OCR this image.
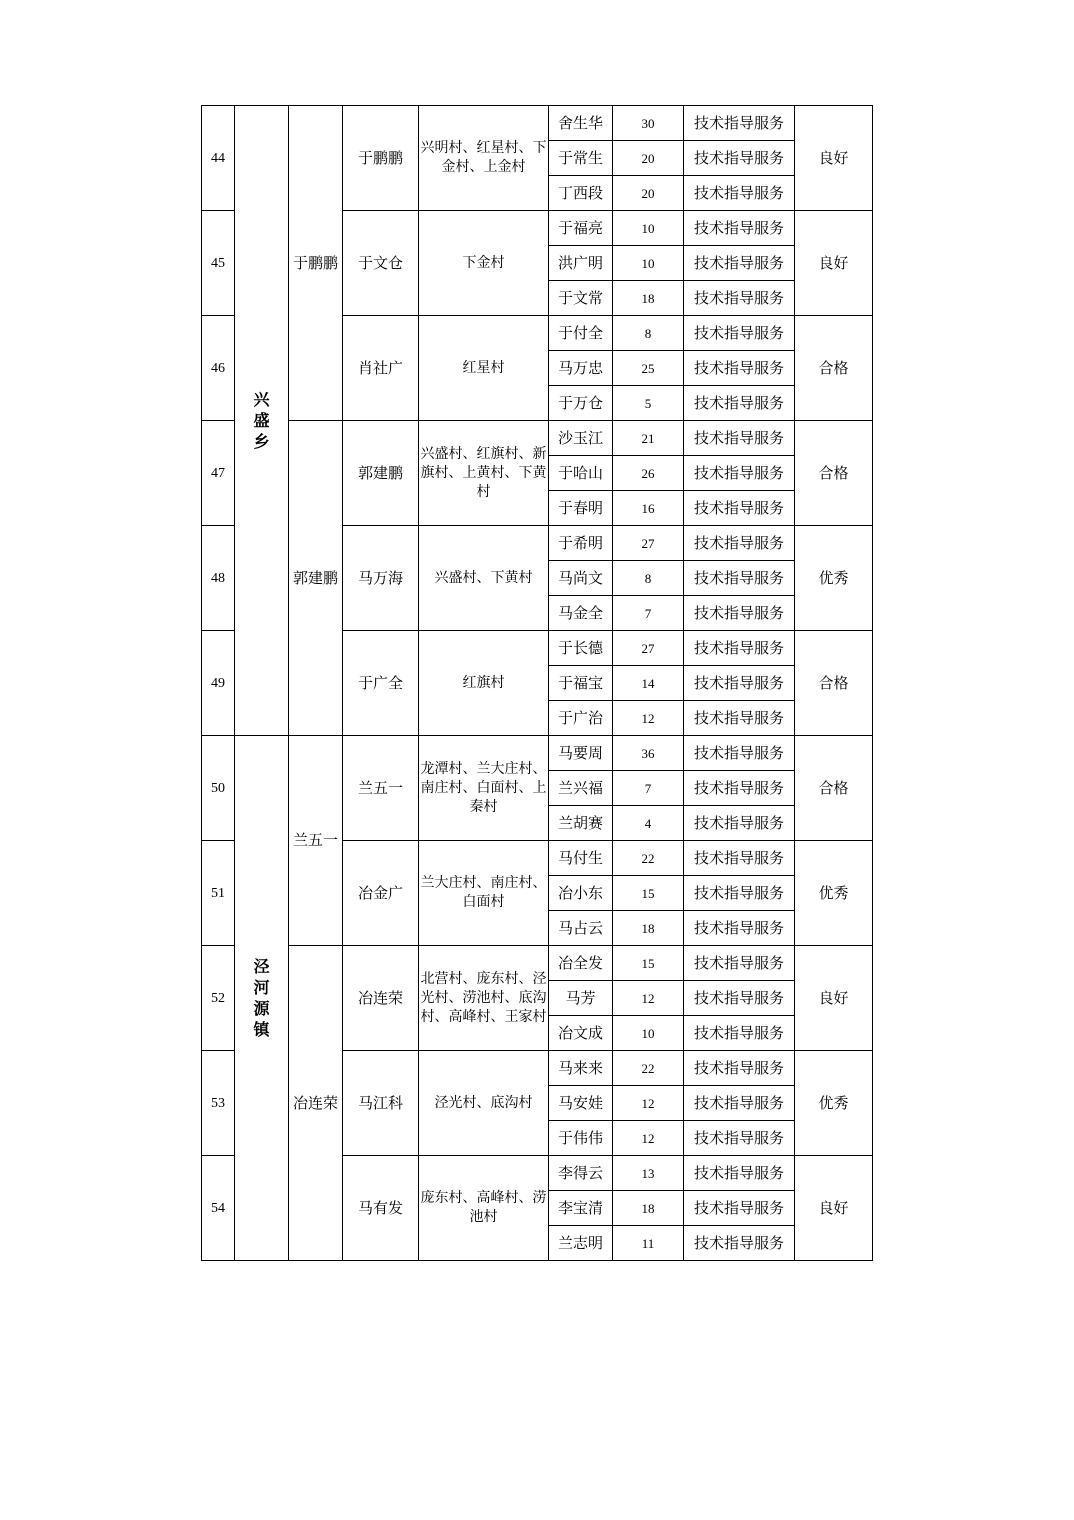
44	兴盛乡	于鹏鹏	于鹏鹏	兴明村、红星村、下金村、上金村	舍生华	30	技术指导服务	良好
					于常生	20	技术指导服务	
					丁西段	20	技术指导服务	
45			于文仓	下金村	于福亮	10	技术指导服务	良好
					洪广明	10	技术指导服务	
					于文常	18	技术指导服务	
46			肖社广	红星村	于付全	8	技术指导服务	合格
					马万忠	25	技术指导服务	
					于万仓	5	技术指导服务	
47		郭建鹏	郭建鹏	兴盛村、红旗村、新旗村、上黄村、下黄村	沙玉江	21	技术指导服务	合格
					于哈山	26	技术指导服务	
					于春明	16	技术指导服务	
48			马万海	兴盛村、下黄村	于希明	27	技术指导服务	优秀
					马尚文	8	技术指导服务	
					马金全	7	技术指导服务	
49			于广全	红旗村	于长德	27	技术指导服务	合格
					于福宝	14	技术指导服务	
					于广治	12	技术指导服务	
50	泾河源镇	兰五一	兰五一	龙潭村、兰大庄村、南庄村、白面村、上秦村	马要周	36	技术指导服务	合格
					兰兴福	7	技术指导服务	
					兰胡赛	4	技术指导服务	
51			冶金广	兰大庄村、南庄村、白面村	马付生	22	技术指导服务	优秀
					冶小东	15	技术指导服务	
					马占云	18	技术指导服务	
52		冶连荣	冶连荣	北营村、庞东村、泾光村、涝池村、底沟村、高峰村、王家村	冶全发	15	技术指导服务	良好
					马芳	12	技术指导服务	
					冶文成	10	技术指导服务	
53			马江科	泾光村、底沟村	马来来	22	技术指导服务	优秀
					马安娃	12	技术指导服务	
					于伟伟	12	技术指导服务	
54			马有发	庞东村、高峰村、涝池村	李得云	13	技术指导服务	良好
					李宝清	18	技术指导服务	
					兰志明	11	技术指导服务	
